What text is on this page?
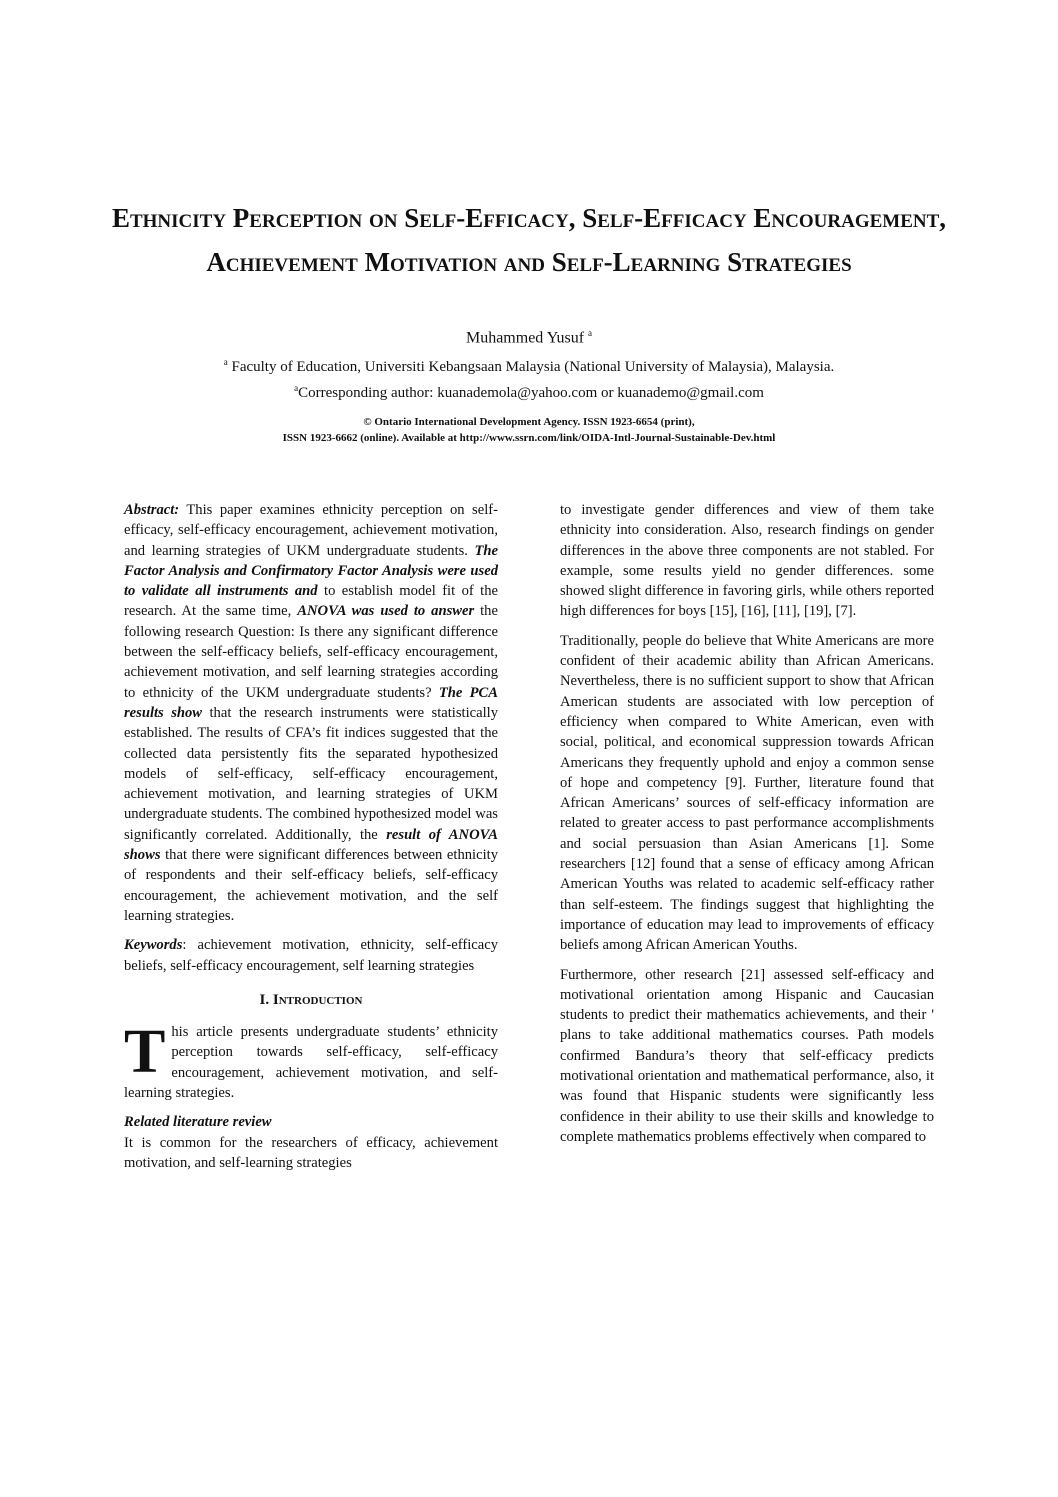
Ethnicity Perception on Self-Efficacy, Self-Efficacy Encouragement, Achievement Motivation and Self-Learning Strategies
Muhammed Yusuf $^a$
$^a$ Faculty of Education, Universiti Kebangsaan Malaysia (National University of Malaysia), Malaysia.
$^a$Corresponding author: kuanademola@yahoo.com or kuanademo@gmail.com
© Ontario International Development Agency. ISSN 1923-6654 (print),
ISSN 1923-6662 (online). Available at http://www.ssrn.com/link/OIDA-Intl-Journal-Sustainable-Dev.html

Abstract: This paper examines ethnicity perception on self-efficacy, self-efficacy encouragement, achievement motivation, and learning strategies of UKM undergraduate students. The Factor Analysis and Confirmatory Factor Analysis were used to validate all instruments and to establish model fit of the research. At the same time, ANOVA was used to answer the following research Question: Is there any significant difference between the self-efficacy beliefs, self-efficacy encouragement, achievement motivation, and self learning strategies according to ethnicity of the UKM undergraduate students? The PCA results show that the research instruments were statistically established. The results of CFA’s fit indices suggested that the collected data persistently fits the separated hypothesized models of self-efficacy, self-efficacy encouragement, achievement motivation, and learning strategies of UKM undergraduate students. The combined hypothesized model was significantly correlated. Additionally, the result of ANOVA shows that there were significant differences between ethnicity of respondents and their self-efficacy beliefs, self-efficacy encouragement, the achievement motivation, and the self learning strategies.

Keywords: achievement motivation, ethnicity, self-efficacy beliefs, self-efficacy encouragement, self learning strategies

I. Introduction

T his article presents undergraduate students’ ethnicity perception towards self-efficacy, self-efficacy encouragement, achievement motivation, and self-learning strategies.

Related literature review

It is common for the researchers of efficacy, achievement motivation, and self-learning strategies

to investigate gender differences and view of them take ethnicity into consideration. Also, research findings on gender differences in the above three components are not stabled. For example, some results yield no gender differences. some showed slight difference in favoring girls, while others reported high differences for boys [15], [16], [11], [19], [7].

Traditionally, people do believe that White Americans are more confident of their academic ability than African Americans. Nevertheless, there is no sufficient support to show that African American students are associated with low perception of efficiency when compared to White American, even with social, political, and economical suppression towards African Americans they frequently uphold and enjoy a common sense of hope and competency [9]. Further, literature found that African Americans’ sources of self-efficacy information are related to greater access to past performance accomplishments and social persuasion than Asian Americans [1]. Some researchers [12] found that a sense of efficacy among African American Youths was related to academic self-efficacy rather than self-esteem. The findings suggest that highlighting the importance of education may lead to improvements of efficacy beliefs among African American Youths.

Furthermore, other research [21] assessed self-efficacy and motivational orientation among Hispanic and Caucasian students to predict their mathematics achievements, and their ' plans to take additional mathematics courses. Path models confirmed Bandura’s theory that self-efficacy predicts motivational orientation and mathematical performance, also, it was found that Hispanic students were significantly less confidence in their ability to use their skills and knowledge to complete mathematics problems effectively when compared to
